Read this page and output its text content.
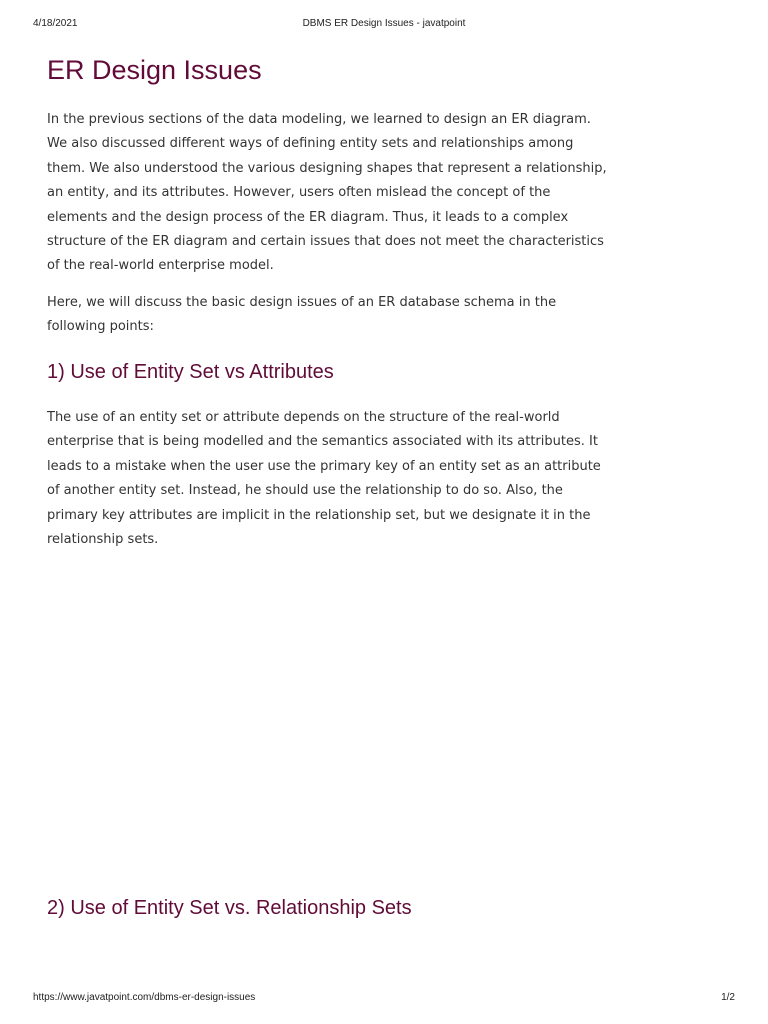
4/18/2021	DBMS ER Design Issues - javatpoint
ER Design Issues

In the previous sections of the data modeling, we learned to design an ER diagram. We also discussed different ways of defining entity sets and relationships among them. We also understood the various designing shapes that represent a relationship, an entity, and its attributes. However, users often mislead the concept of the elements and the design process of the ER diagram. Thus, it leads to a complex structure of the ER diagram and certain issues that does not meet the characteristics of the real-world enterprise model.

Here, we will discuss the basic design issues of an ER database schema in the following points:

1) Use of Entity Set vs Attributes

The use of an entity set or attribute depends on the structure of the real-world enterprise that is being modelled and the semantics associated with its attributes. It leads to a mistake when the user use the primary key of an entity set as an attribute of another entity set. Instead, he should use the relationship to do so. Also, the primary key attributes are implicit in the relationship set, but we designate it in the relationship sets.

2) Use of Entity Set vs. Relationship Sets
https://www.javatpoint.com/dbms-er-design-issues	1/2
